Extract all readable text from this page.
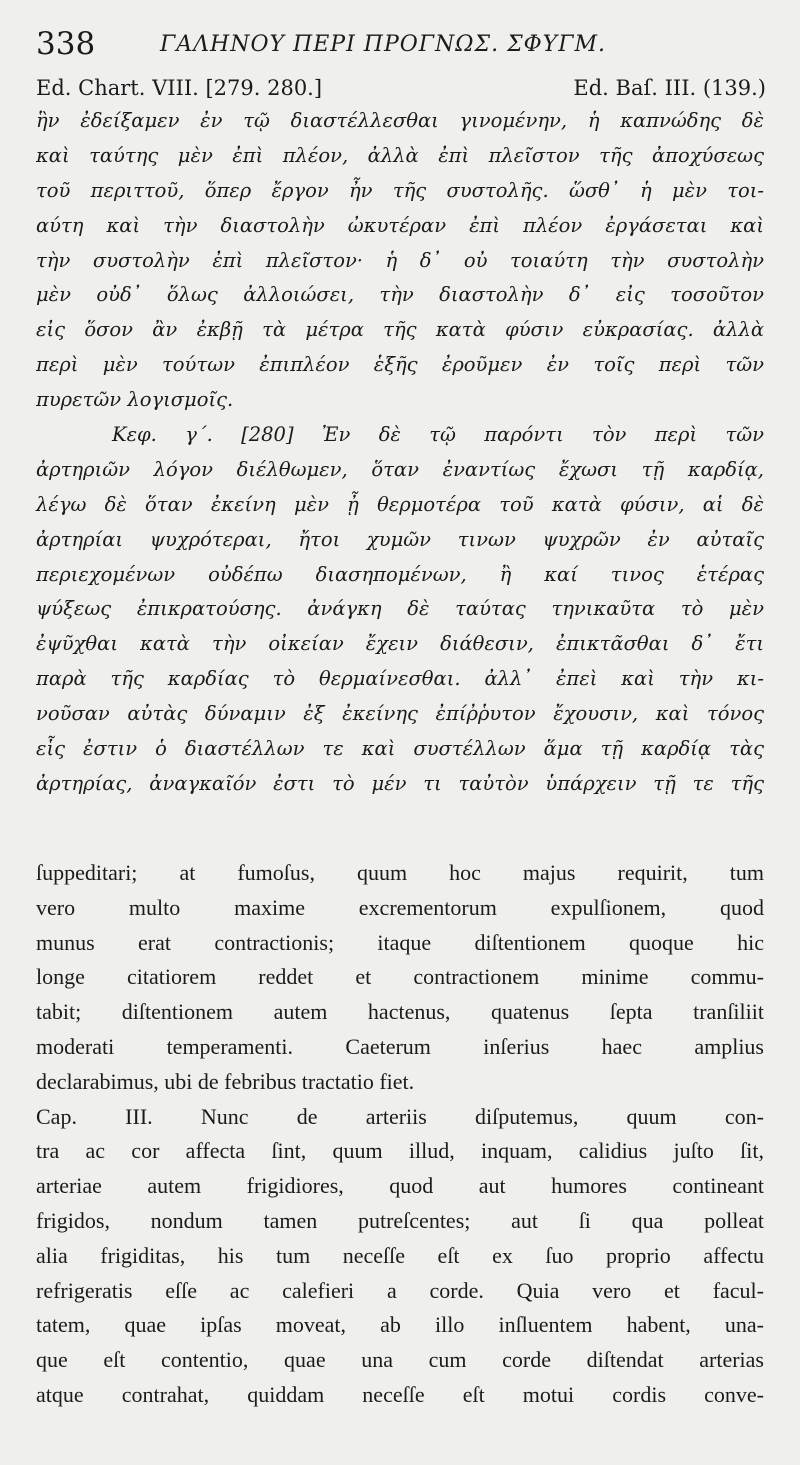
338	ΓΑΛΗΝΟΥ ΠΕΡΙ ΠΡΟΓΝΩΣ. ΣΦΥΓΜ.
Ed. Chart. VIII. [279. 280.]	Ed. Baſ. III. (139.)
ἣν ἐδείξαμεν ἐν τῷ διαστέλλεσθαι γινομένην, ἡ καπνώδης δὲ
καὶ ταύτης μὲν ἐπὶ πλέον, ἀλλὰ ἐπὶ πλεῖστον τῆς ἀποχύσεως
τοῦ περιττοῦ, ὅπερ ἔργον ἦν τῆς συστολῆς. ὥσθ᾽ ἡ μὲν τοι-
αύτη καὶ τὴν διαστολὴν ὠκυτέραν ἐπὶ πλέον ἐργάσεται καὶ
τὴν συστολὴν ἐπὶ πλεῖστον· ἡ δ᾽ οὐ τοιαύτη τὴν συστολὴν
μὲν οὐδ᾽ ὅλως ἀλλοιώσει, τὴν διαστολὴν δ᾽ εἰς τοσοῦτον
εἰς ὅσον ἂν ἐκβῇ τὰ μέτρα τῆς κατὰ φύσιν εὐκρασίας. ἀλλὰ
περὶ μὲν τούτων ἐπιπλέον ἑξῆς ἐροῦμεν ἐν τοῖς περὶ τῶν
πυρετῶν λογισμοῖς.
Κεφ. γ΄. [280] Ἐν δὲ τῷ παρόντι τὸν περὶ τῶν
ἀρτηριῶν λόγον διέλθωμεν, ὅταν ἐναντίως ἔχωσι τῇ καρδίᾳ,
λέγω δὲ ὅταν ἐκείνη μὲν ᾖ θερμοτέρα τοῦ κατὰ φύσιν, αἱ δὲ
ἀρτηρίαι ψυχρότεραι, ἤτοι χυμῶν τινων ψυχρῶν ἐν αὐταῖς
περιεχομένων οὐδέπω διασηπομένων, ἢ καί τινος ἑτέρας
ψύξεως ἐπικρατούσης. ἀνάγκη δὲ ταύτας τηνικαῦτα τὸ μὲν
ἐψῦχθαι κατὰ τὴν οἰκείαν ἔχειν διάθεσιν, ἐπικτᾶσθαι δ᾽ ἔτι
παρὰ τῆς καρδίας τὸ θερμαίνεσθαι. ἀλλ᾽ ἐπεὶ καὶ τὴν κι-
νοῦσαν αὐτὰς δύναμιν ἐξ ἐκείνης ἐπίῤῥυτον ἔχουσιν, καὶ τόνος
εἷς ἐστιν ὁ διαστέλλων τε καὶ συστέλλων ἅμα τῇ καρδίᾳ τὰς
ἀρτηρίας, ἀναγκαῖόν ἐστι τὸ μέν τι ταὐτὸν ὑπάρχειν τῇ τε τῆς
ſuppeditari; at fumoſus, quum hoc majus requirit, tum
vero multo maxime excrementorum expulſionem, quod
munus erat contractionis; itaque diſtentionem quoque hic
longe citatiorem reddet et contractionem minime commu-
tabit; diſtentionem autem hactenus, quatenus ſepta tranſiliit
moderati temperamenti. Caeterum inſerius haec amplius
declarabimus, ubi de febribus tractatio fiet.
Cap. III. Nunc de arteriis diſputemus, quum con-
tra ac cor affecta ſint, quum illud, inquam, calidius juſto ſit,
arteriae autem frigidiores, quod aut humores contineant
frigidos, nondum tamen putreſcentes; aut ſi qua polleat
alia frigiditas, his tum neceſſe eſt ex ſuo proprio affectu
refrigeratis eſſe ac calefieri a corde. Quia vero et facul-
tatem, quae ipſas moveat, ab illo inſluentem habent, una-
que eſt contentio, quae una cum corde diſtendat arterias
atque contrahat, quiddam neceſſe eſt motui cordis conve-
